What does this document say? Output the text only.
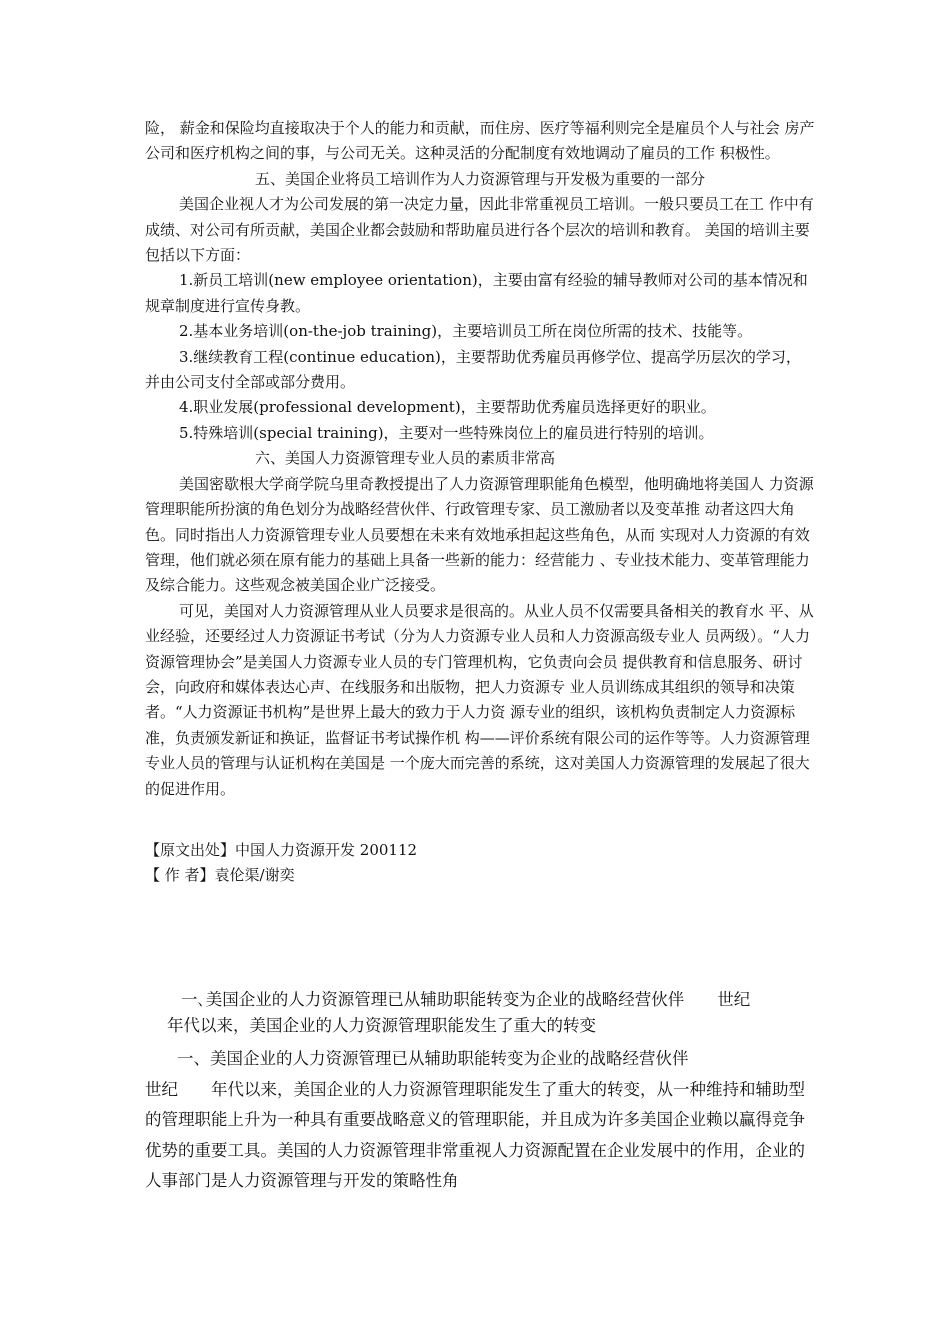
险， 薪金和保险均直接取决于个人的能力和贡献，而住房、医疗等福利则完全是雇员个人与社会 房产公司和医疗机构之间的事，与公司无关。这种灵活的分配制度有效地调动了雇员的工作 积极性。

五、美国企业将员工培训作为人力资源管理与开发极为重要的一部分

美国企业视人才为公司发展的第一决定力量，因此非常重视员工培训。一般只要员工在工 作中有成绩、对公司有所贡献，美国企业都会鼓励和帮助雇员进行各个层次的培训和教育。 美国的培训主要包括以下方面：

1.新员工培训(new employee orientation)，主要由富有经验的辅导教师对公司的基本情况和规章制度进行宣传身教。

2.基本业务培训(on-the-job training)，主要培训员工所在岗位所需的技术、技能等。

3.继续教育工程(continue education)，主要帮助优秀雇员再修学位、提高学历层次的学习，并由公司支付全部或部分费用。

4.职业发展(professional development)，主要帮助优秀雇员选择更好的职业。

5.特殊培训(special training)，主要对一些特殊岗位上的雇员进行特别的培训。

六、美国人力资源管理专业人员的素质非常高

美国密歇根大学商学院乌里奇教授提出了人力资源管理职能角色模型，他明确地将美国人 力资源管理职能所扮演的角色划分为战略经营伙伴、行政管理专家、员工激励者以及变革推 动者这四大角色。同时指出人力资源管理专业人员要想在未来有效地承担起这些角色，从而 实现对人力资源的有效管理，他们就必须在原有能力的基础上具备一些新的能力：经营能力 、专业技术能力、变革管理能力及综合能力。这些观念被美国企业广泛接受。

可见，美国对人力资源管理从业人员要求是很高的。从业人员不仅需要具备相关的教育水 平、从业经验，还要经过人力资源证书考试（分为人力资源专业人员和人力资源高级专业人 员两级）。“人力资源管理协会”是美国人力资源专业人员的专门管理机构，它负责向会员 提供教育和信息服务、研讨会，向政府和媒体表达心声、在线服务和出版物，把人力资源专 业人员训练成其组织的领导和决策者。“人力资源证书机构”是世界上最大的致力于人力资 源专业的组织，该机构负责制定人力资源标准，负责颁发新证和换证，监督证书考试操作机 构——评价系统有限公司的运作等等。人力资源管理专业人员的管理与认证机构在美国是 一个庞大而完善的系统，这对美国人力资源管理的发展起了很大的促进作用。

【原文出处】中国人力资源开发 200112

【 作 者】袁伦渠/谢奕

一､美国企业的人力资源管理已从辅助职能转变为企业的战略经营伙伴　　世纪

年代以来，美国企业的人力资源管理职能发生了重大的转变

一、美国企业的人力资源管理已从辅助职能转变为企业的战略经营伙伴

世纪　　年代以来，美国企业的人力资源管理职能发生了重大的转变，从一种维持和辅助型的管理职能上升为一种具有重要战略意义的管理职能，并且成为许多美国企业赖以赢得竞争优势的重要工具。美国的人力资源管理非常重视人力资源配置在企业发展中的作用，企业的人事部门是人力资源管理与开发的策略性角
